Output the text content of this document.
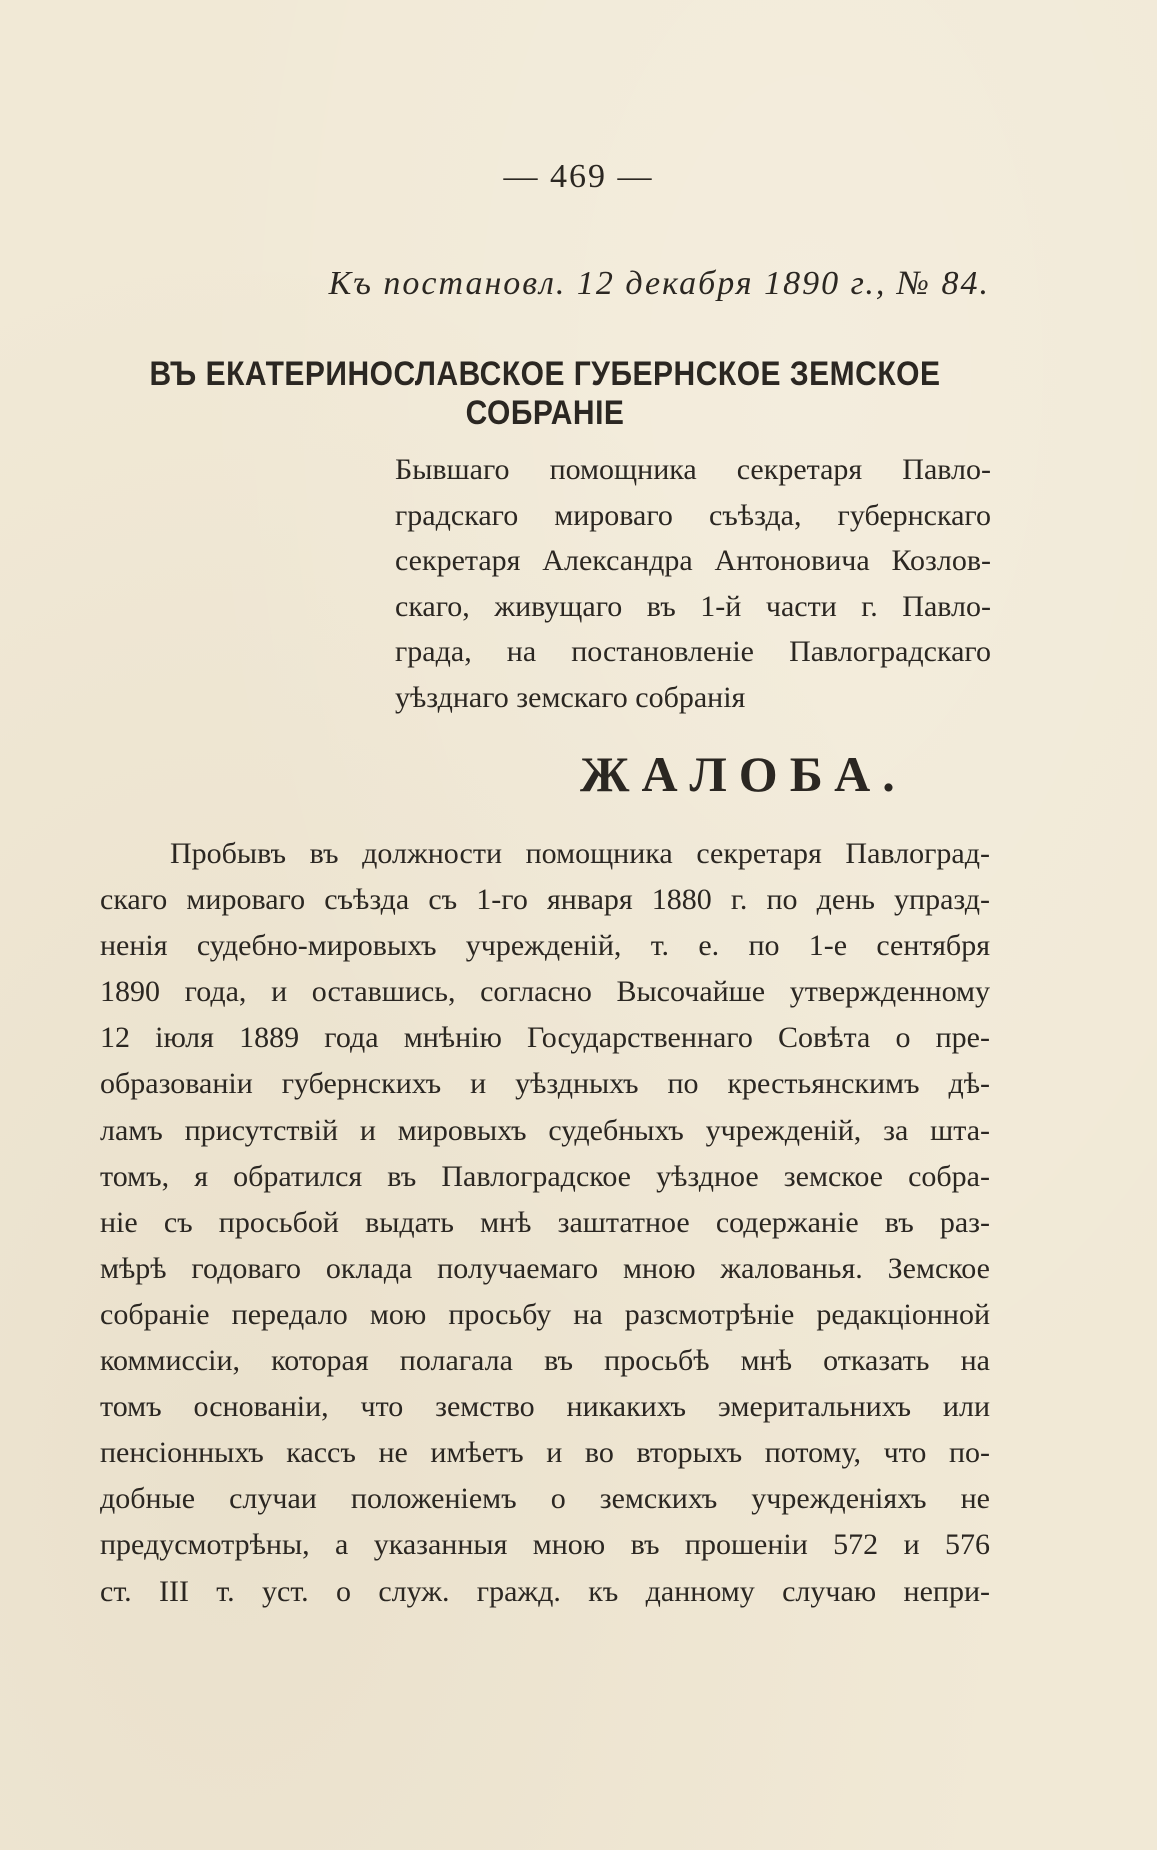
— 469 —
Къ постановл. 12 декабря 1890 г., № 84.
ВЪ ЕКАТЕРИНОСЛАВСКОЕ ГУБЕРНСКОЕ ЗЕМСКОЕ СОБРАНІЕ
Бывшаго помощника секретаря Павло-
градскаго мироваго съѣзда, губернскаго
секретаря Александра Антоновича Козлов-
скаго, живущаго въ 1-й части г. Павло-
града, на постановленіе Павлоградскаго
уѣзднаго земскаго собранія
ЖАЛОБА.
Пробывъ въ должности помощника секретаря Павлоград-
скаго мироваго съѣзда съ 1-го января 1880 г. по день упразд-
ненія судебно-мировыхъ учрежденій, т. е. по 1-е сентября
1890 года, и оставшись, согласно Высочайше утвержденному
12 іюля 1889 года мнѣнію Государственнаго Совѣта о пре-
образованіи губернскихъ и уѣздныхъ по крестьянскимъ дѣ-
ламъ присутствій и мировыхъ судебныхъ учрежденій, за шта-
томъ, я обратился въ Павлоградское уѣздное земское собра-
ніе съ просьбой выдать мнѣ заштатное содержаніе въ раз-
мѣрѣ годоваго оклада получаемаго мною жалованья. Земское
собраніе передало мою просьбу на разсмотрѣніе редакціонной
коммиссіи, которая полагала въ просьбѣ мнѣ отказать на
томъ основаніи, что земство никакихъ эмеритальнихъ или
пенсіонныхъ кассъ не имѣетъ и во вторыхъ потому, что по-
добные случаи положеніемъ о земскихъ учрежденіяхъ не
предусмотрѣны, а указанныя мною въ прошеніи 572 и 576
ст. III т. уст. о служ. гражд. къ данному случаю непри-
